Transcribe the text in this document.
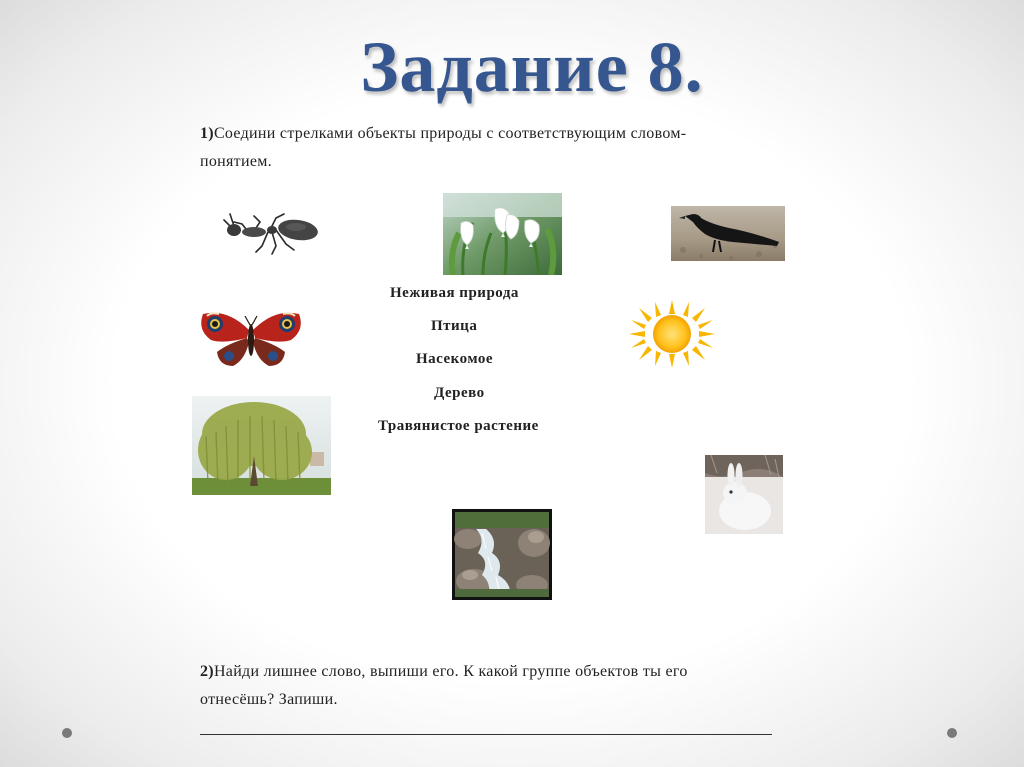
Задание 8.
1)Соедини стрелками объекты природы с соответствующим словом-
понятием.
Неживая природа
Птица
Насекомое
Дерево
Травянистое растение
2)Найди лишнее слово, выпиши его. К какой группе объектов ты его
отнесёшь? Запиши.
